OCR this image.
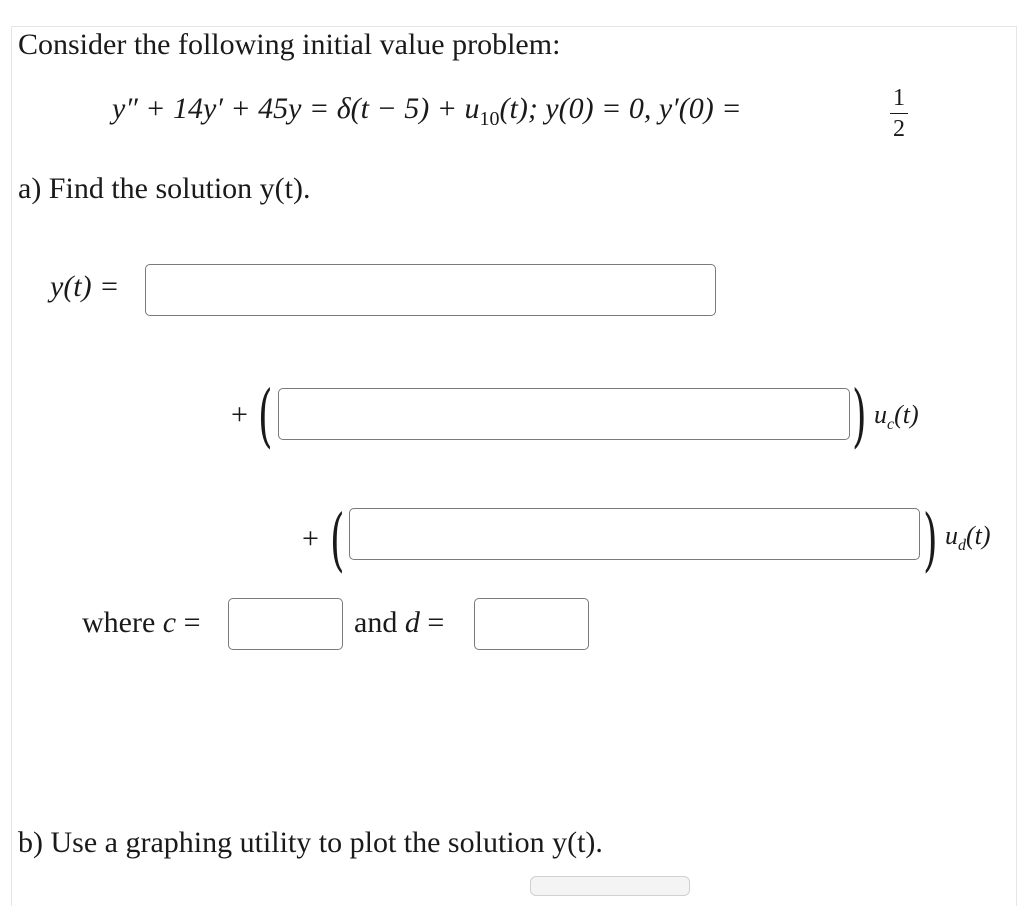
Consider the following initial value problem:
$y'' + 14y' + 45y = \delta(t - 5) + u_{10}(t)$; y(0) = 0, y′(0) =	1
2
a) Find the solution y(t).
y(t) =
+ (	) $u_c(t)$
+ (	) $u_d(t)$
where c =	and d =
b) Use a graphing utility to plot the solution y(t).
